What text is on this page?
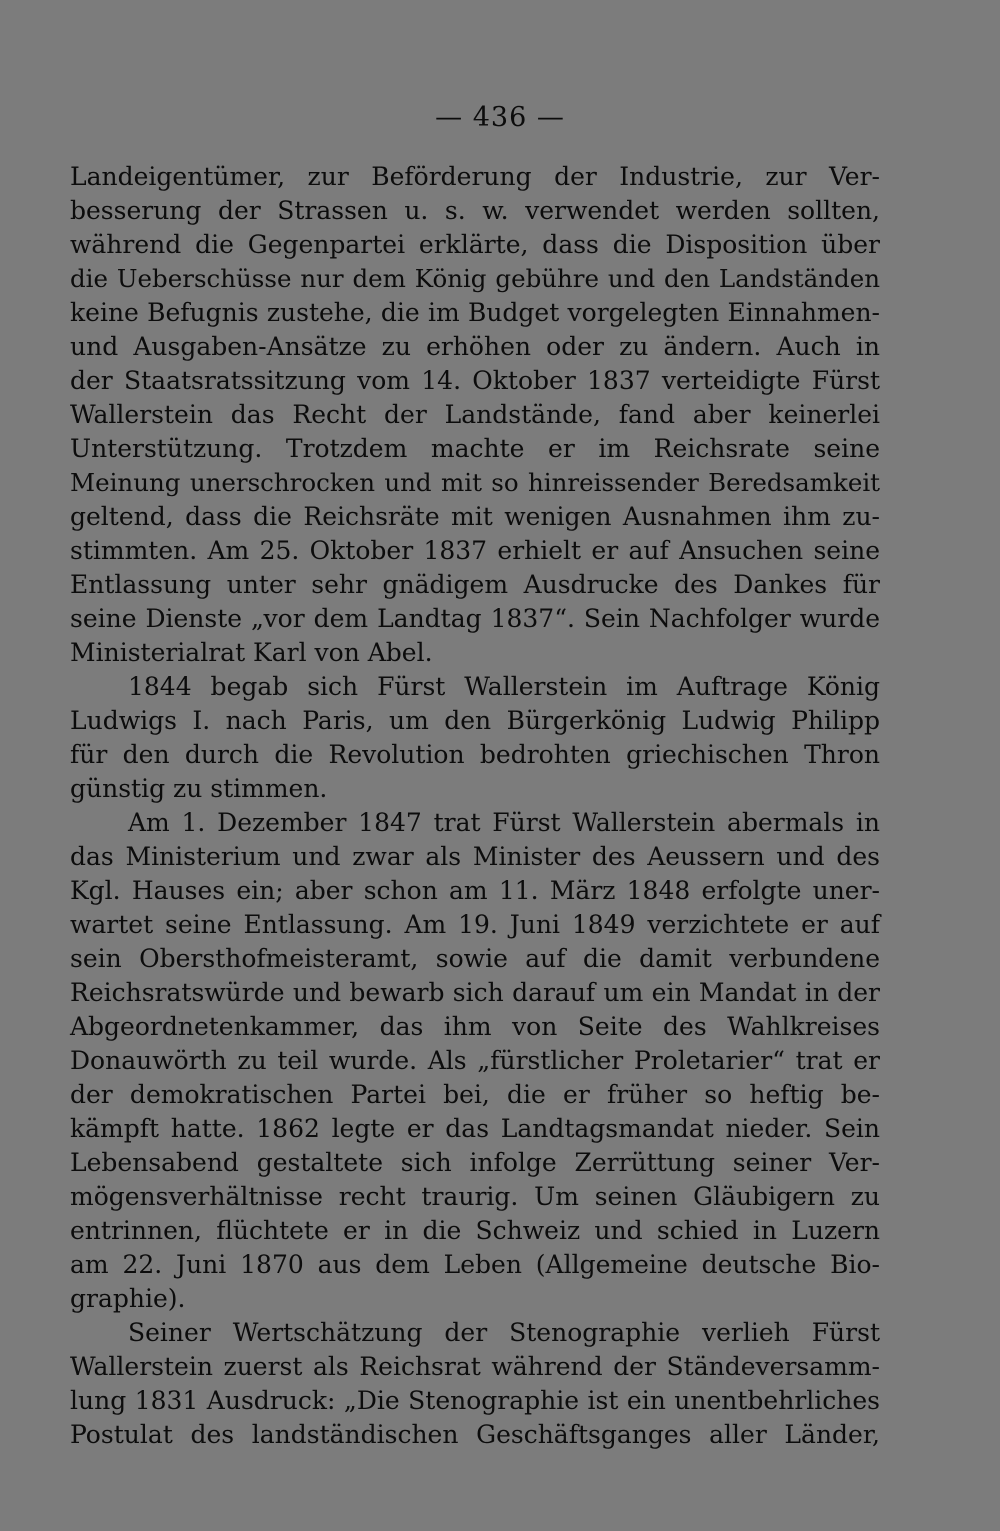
— 436 —
Landeigentümer, zur Beförderung der Industrie, zur Ver-
besserung der Strassen u. s. w. verwendet werden sollten,
während die Gegenpartei erklärte, dass die Disposition über
die Ueberschüsse nur dem König gebühre und den Landständen
keine Befugnis zustehe, die im Budget vorgelegten Einnahmen-
und Ausgaben-Ansätze zu erhöhen oder zu ändern. Auch in
der Staatsratssitzung vom 14. Oktober 1837 verteidigte Fürst
Wallerstein das Recht der Landstände, fand aber keinerlei
Unterstützung. Trotzdem machte er im Reichsrate seine
Meinung unerschrocken und mit so hinreissender Beredsamkeit
geltend, dass die Reichsräte mit wenigen Ausnahmen ihm zu-
stimmten. Am 25. Oktober 1837 erhielt er auf Ansuchen seine
Entlassung unter sehr gnädigem Ausdrucke des Dankes für
seine Dienste „vor dem Landtag 1837“. Sein Nachfolger wurde
Ministerialrat Karl von Abel.
1844 begab sich Fürst Wallerstein im Auftrage König
Ludwigs I. nach Paris, um den Bürgerkönig Ludwig Philipp
für den durch die Revolution bedrohten griechischen Thron
günstig zu stimmen.
Am 1. Dezember 1847 trat Fürst Wallerstein abermals in
das Ministerium und zwar als Minister des Aeussern und des
Kgl. Hauses ein; aber schon am 11. März 1848 erfolgte uner-
wartet seine Entlassung. Am 19. Juni 1849 verzichtete er auf
sein Obersthofmeisteramt, sowie auf die damit verbundene
Reichsratswürde und bewarb sich darauf um ein Mandat in der
Abgeordnetenkammer, das ihm von Seite des Wahlkreises
Donauwörth zu teil wurde. Als „fürstlicher Proletarier“ trat er
der demokratischen Partei bei, die er früher so heftig be-
kämpft hatte. 1862 legte er das Landtagsmandat nieder. Sein
Lebensabend gestaltete sich infolge Zerrüttung seiner Ver-
mögensverhältnisse recht traurig. Um seinen Gläubigern zu
entrinnen, flüchtete er in die Schweiz und schied in Luzern
am 22. Juni 1870 aus dem Leben (Allgemeine deutsche Bio-
graphie).
Seiner Wertschätzung der Stenographie verlieh Fürst
Wallerstein zuerst als Reichsrat während der Ständeversamm-
lung 1831 Ausdruck: „Die Stenographie ist ein unentbehrliches
Postulat des landständischen Geschäftsganges aller Länder,
